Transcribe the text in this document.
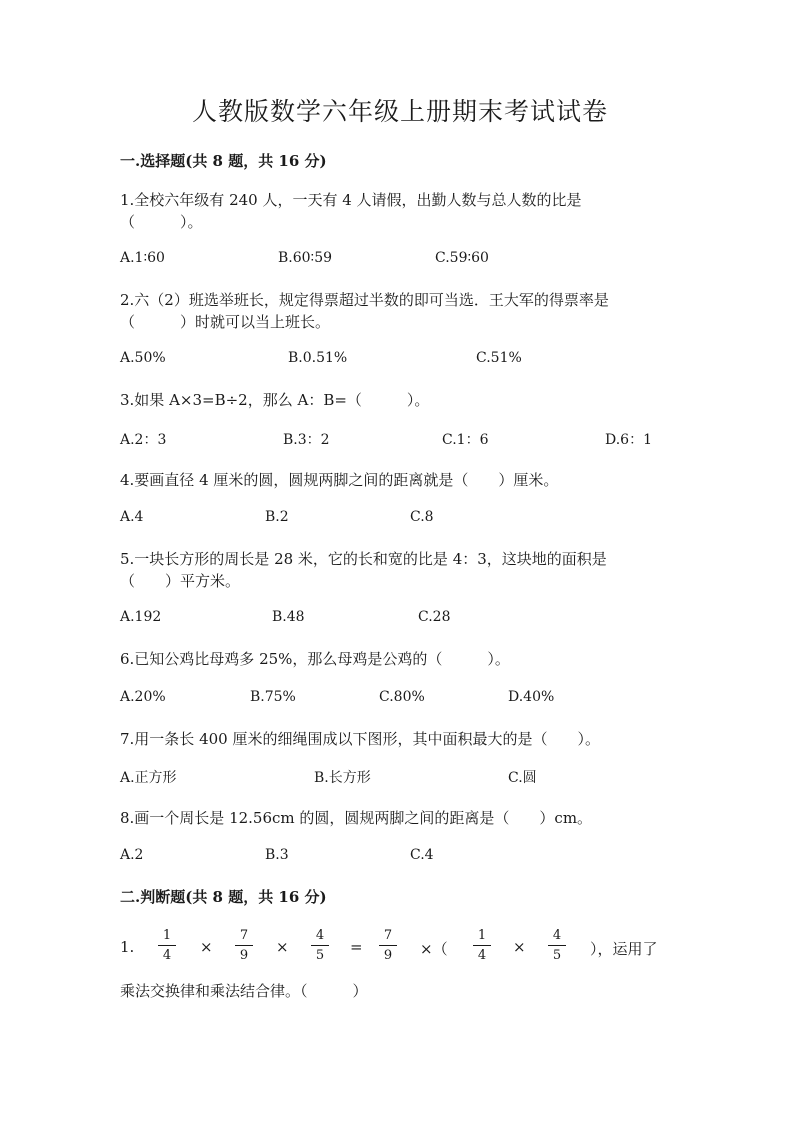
人教版数学六年级上册期末考试试卷
一.选择题(共 8 题，共 16 分)
1.全校六年级有 240 人，一天有 4 人请假，出勤人数与总人数的比是
（　　　）。
A.1∶60	B.60∶59	C.59∶60
2.六（2）班选举班长，规定得票超过半数的即可当选．王大军的得票率是
（　　　）时就可以当上班长。
A.50%	B.0.51%	C.51%
3.如果 A×3=B÷2，那么 A：B=（　　　）。
A.2：3	B.3：2	C.1：6	D.6：1
4.要画直径 4 厘米的圆，圆规两脚之间的距离就是（　　）厘米。
A.4	B.2	C.8
5.一块长方形的周长是 28 米，它的长和宽的比是 4：3，这块地的面积是
（　　）平方米。
A.192	B.48	C.28
6.已知公鸡比母鸡多 25%，那么母鸡是公鸡的（　　　）。
A.20%	B.75%	C.80%	D.40%
7.用一条长 400 厘米的细绳围成以下图形，其中面积最大的是（　　）。
A.正方形	B.长方形	C.圆
8.画一个周长是 12.56cm 的圆，圆规两脚之间的距离是（　　）cm。
A.2	B.3	C.4
二.判断题(共 8 题，共 16 分)
1.
1
4	×
7
9	×
4
5	=
7
9	×（
1
4	×
4
5	），运用了
乘法交换律和乘法结合律。（　　　）
